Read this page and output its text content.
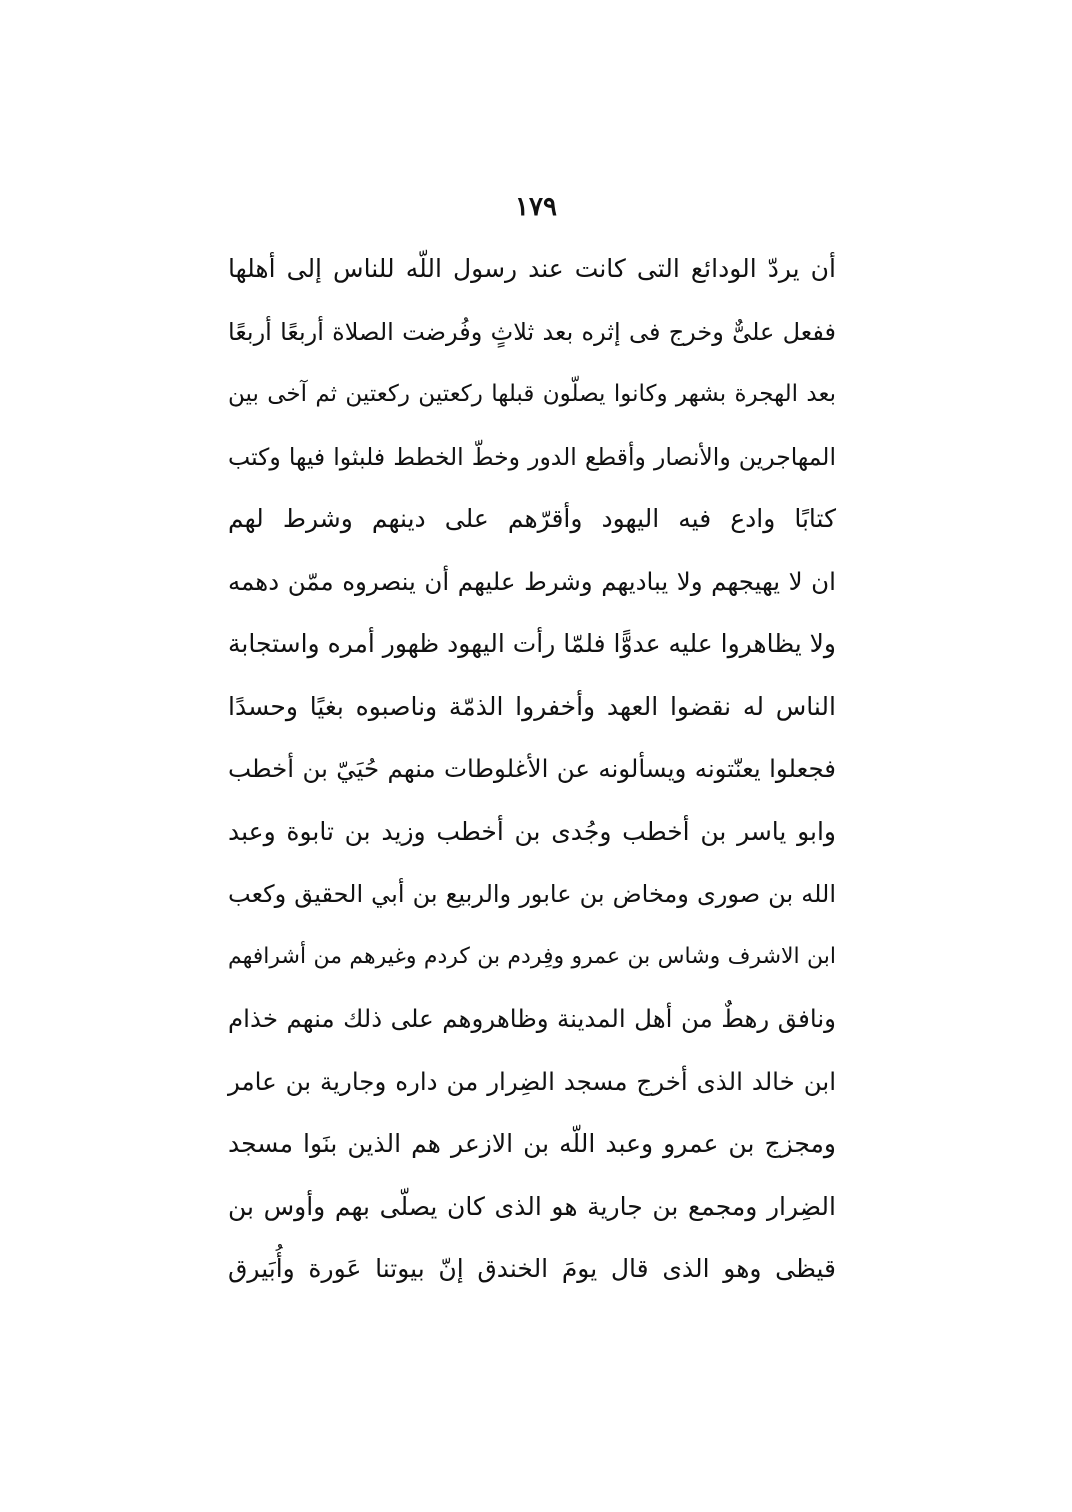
١٧٩
أن يردّ الودائع التى كانت عند رسول اللّه للناس إلى أهلها
ففعل علىٌّ وخرج فى إثره بعد ثلاثٍ وفُرضت الصلاة أربعًا أربعًا
بعد الهجرة بشهر وكانوا يصلّون قبلها ركعتين ركعتين ثم آخى بين
المهاجرين والأنصار وأقطع الدور وخطّ الخطط فلبثوا فيها وكتب
كتابًا وادع فيه اليهود وأقرّهم على دينهم وشرط لهم
ان لا يهيجهم ولا يباديهم وشرط عليهم أن ينصروه ممّن دهمه
ولا يظاهروا عليه عدوًّا فلمّا رأت اليهود ظهور أمره واستجابة
الناس له نقضوا العهد وأخفروا الذمّة وناصبوه بغيًا وحسدًا
فجعلوا يعنّتونه ويسألونه عن الأغلوطات منهم حُيَيّ بن أخطب
وابو ياسر بن أخطب وجُدى بن أخطب وزيد بن تابوة وعبد
الله بن صورى ومخاض بن عابور والربيع بن أبي الحقيق وكعب
ابن الاشرف وشاس بن عمرو وفِردم بن كردم وغيرهم من أشرافهم
ونافق رهطٌ من أهل المدينة وظاهروهم على ذلك منهم خذام
ابن خالد الذى أخرج مسجد الضِرار من داره وجارية بن عامر
ومجزج بن عمرو وعبد اللّه بن الازعر هم الذين بنَوا مسجد
الضِرار ومجمع بن جارية هو الذى كان يصلّى بهم وأوس بن
قيظى وهو الذى قال يومَ الخندق إنّ بيوتنا عَورة وأُبَيرق
